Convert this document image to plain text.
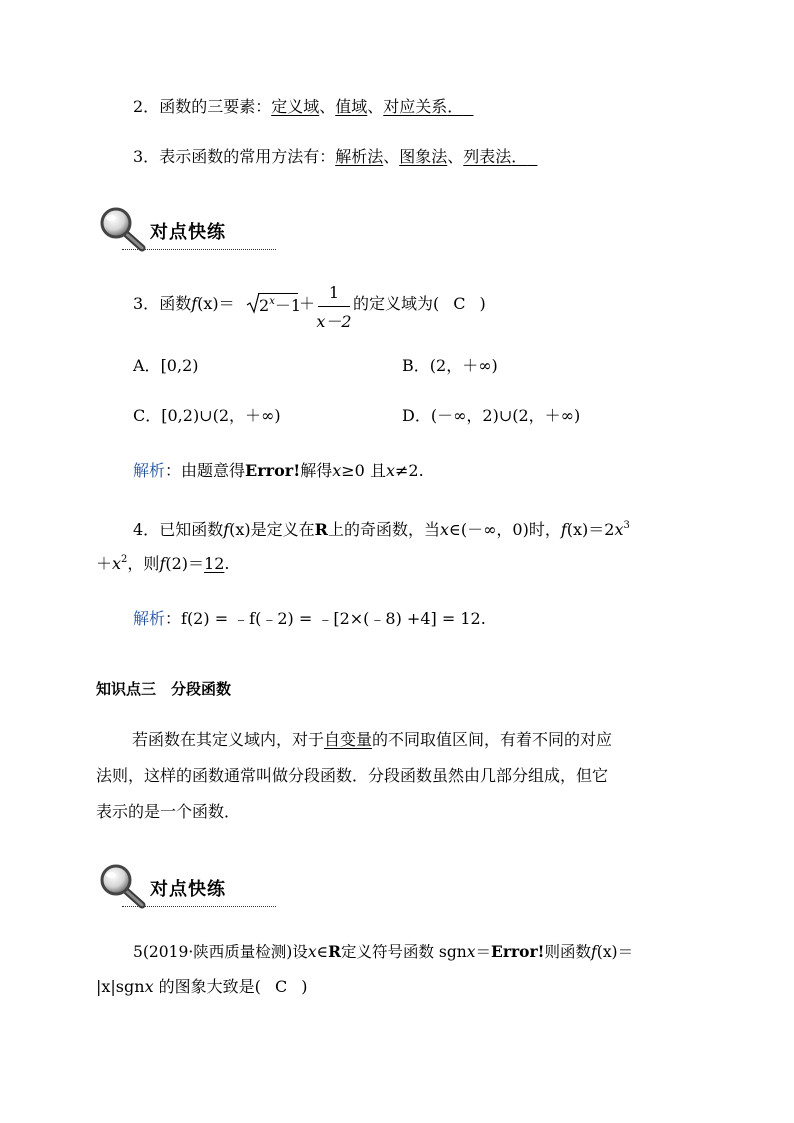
2．函数的三要素：定义域、值域、对应关系．
3．表示函数的常用方法有：解析法、图象法、列表法．
对点快练
3．函数$f(x)= 2^x-1$
＋
1
x－2
的定义域为( C )
A．[0,2)	B．(2，＋∞)
C．[0,2)∪(2，＋∞)	D．(－∞，2)∪(2，＋∞)
解析：由题意得Error!解得x≥0 且x≠2.
4．已知函数f(x)是定义在R上的奇函数，当x∈(－∞，0)时，$f(x)=2x^3$
$+x^2$，则f(2)＝12.
解析：f(2) = ﹣f(﹣2) = ﹣[2×(﹣8) +4] = 12.
知识点三　分段函数
若函数在其定义域内，对于自变量的不同取值区间，有着不同的对应
法则，这样的函数通常叫做分段函数．分段函数虽然由几部分组成，但它
表示的是一个函数．
对点快练
5(2019·陕西质量检测)设x∈R定义符号函数 sgnx＝Error!则函数f(x)＝
|x|sgnx 的图象大致是( C )
